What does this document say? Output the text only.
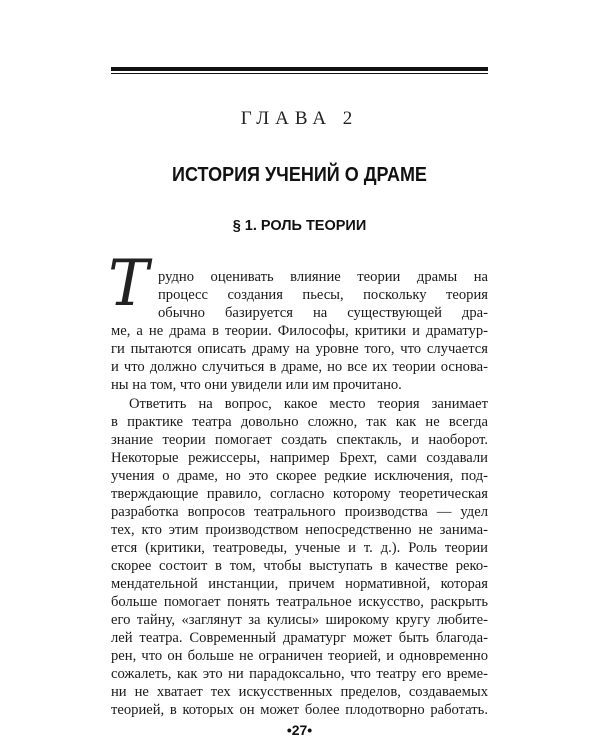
ГЛАВА 2
ИСТОРИЯ УЧЕНИЙ О ДРАМЕ
§ 1. РОЛЬ ТЕОРИИ
Т рудно оценивать влияние теории драмы на
процесс создания пьесы, поскольку теория
обычно базируется на существующей дра-
ме, а не драма в теории. Философы, критики и драматур-
ги пытаются описать драму на уровне того, что случается
и что должно случиться в драме, но все их теории основа-
ны на том, что они увидели или им прочитано.
Ответить на вопрос, какое место теория занимает
в практике театра довольно сложно, так как не всегда
знание теории помогает создать спектакль, и наоборот.
Некоторые режиссеры, например Брехт, сами создавали
учения о драме, но это скорее редкие исключения, под-
тверждающие правило, согласно которому теоретическая
разработка вопросов театрального производства — удел
тех, кто этим производством непосредственно не занима-
ется (критики, театроведы, ученые и т. д.). Роль теории
скорее состоит в том, чтобы выступать в качестве реко-
мендательной инстанции, причем нормативной, которая
больше помогает понять театральное искусство, раскрыть
его тайну, «заглянут за кулисы» широкому кругу любите-
лей театра. Современный драматург может быть благода-
рен, что он больше не ограничен теорией, и одновременно
сожалеть, как это ни парадоксально, что театру его време-
ни не хватает тех искусственных пределов, создаваемых
теорией, в которых он может более плодотворно работать.
•27•
